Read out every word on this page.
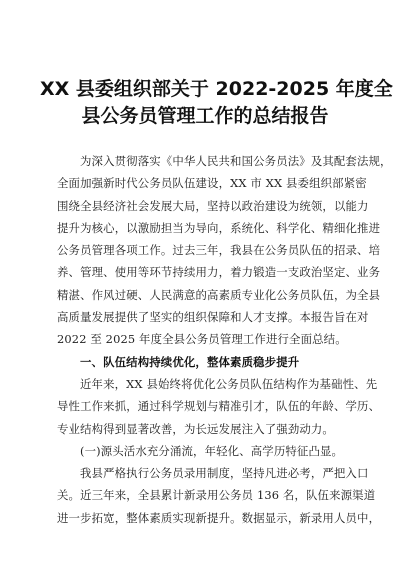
XX 县委组织部关于 2022-2025 年度全
县公务员管理工作的总结报告
为深入贯彻落实《中华人民共和国公务员法》及其配套法规，
全面加强新时代公务员队伍建设，XX 市 XX 县委组织部紧密
围绕全县经济社会发展大局，坚持以政治建设为统领，以能力
提升为核心，以激励担当为导向，系统化、科学化、精细化推进
公务员管理各项工作。过去三年，我县在公务员队伍的招录、培
养、管理、使用等环节持续用力，着力锻造一支政治坚定、业务
精湛、作风过硬、人民满意的高素质专业化公务员队伍，为全县
高质量发展提供了坚实的组织保障和人才支撑。本报告旨在对
2022 至 2025 年度全县公务员管理工作进行全面总结。
一、队伍结构持续优化，整体素质稳步提升
近年来，XX 县始终将优化公务员队伍结构作为基础性、先
导性工作来抓，通过科学规划与精准引才，队伍的年龄、学历、
专业结构得到显著改善，为长远发展注入了强劲动力。
(一)源头活水充分涌流，年轻化、高学历特征凸显。
我县严格执行公务员录用制度，坚持凡进必考，严把入口
关。近三年来，全县累计新录用公务员 136 名，队伍来源渠道
进一步拓宽，整体素质实现新提升。数据显示，新录用人员中，
